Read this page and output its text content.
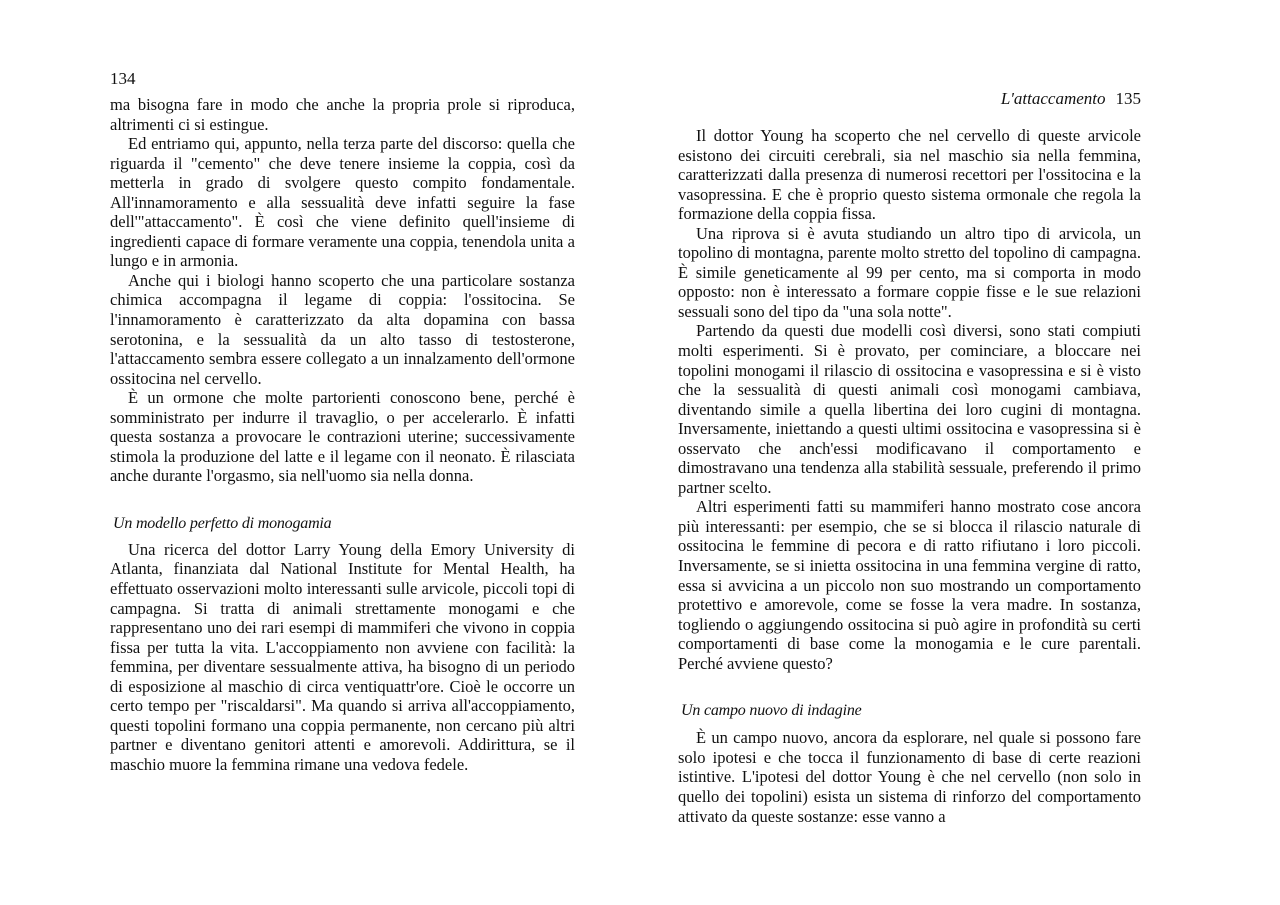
134

ma bisogna fare in modo che anche la propria prole si riproduca, altrimenti ci si estingue.

Ed entriamo qui, appunto, nella terza parte del discorso: quella che riguarda il "cemento" che deve tenere insieme la coppia, così da metterla in grado di svolgere questo compito fondamentale. All'innamoramento e alla sessualità deve infatti seguire la fase dell'"attaccamento". È così che viene definito quell'insieme di ingredienti capace di formare veramente una coppia, tenendola unita a lungo e in armonia.

Anche qui i biologi hanno scoperto che una particolare sostanza chimica accompagna il legame di coppia: l'ossitocina. Se l'innamoramento è caratterizzato da alta dopamina con bassa serotonina, e la sessualità da un alto tasso di testosterone, l'attaccamento sembra essere collegato a un innalzamento dell'ormone ossitocina nel cervello.

È un ormone che molte partorienti conoscono bene, perché è somministrato per indurre il travaglio, o per accelerarlo. È infatti questa sostanza a provocare le contrazioni uterine; successivamente stimola la produzione del latte e il legame con il neonato. È rilasciata anche durante l'orgasmo, sia nell'uomo sia nella donna.

Un modello perfetto di monogamia

Una ricerca del dottor Larry Young della Emory University di Atlanta, finanziata dal National Institute for Mental Health, ha effettuato osservazioni molto interessanti sulle arvicole, piccoli topi di campagna. Si tratta di animali strettamente monogami e che rappresentano uno dei rari esempi di mammiferi che vivono in coppia fissa per tutta la vita. L'accoppiamento non avviene con facilità: la femmina, per diventare sessualmente attiva, ha bisogno di un periodo di esposizione al maschio di circa ventiquattr'ore. Cioè le occorre un certo tempo per "riscaldarsi". Ma quando si arriva all'accoppiamento, questi topolini formano una coppia permanente, non cercano più altri partner e diventano genitori attenti e amorevoli. Addirittura, se il maschio muore la femmina rimane una vedova fedele.

L'attaccamento 135

Il dottor Young ha scoperto che nel cervello di queste arvicole esistono dei circuiti cerebrali, sia nel maschio sia nella femmina, caratterizzati dalla presenza di numerosi recettori per l'ossitocina e la vasopressina. E che è proprio questo sistema ormonale che regola la formazione della coppia fissa.

Una riprova si è avuta studiando un altro tipo di arvicola, un topolino di montagna, parente molto stretto del topolino di campagna. È simile geneticamente al 99 per cento, ma si comporta in modo opposto: non è interessato a formare coppie fisse e le sue relazioni sessuali sono del tipo da "una sola notte".

Partendo da questi due modelli così diversi, sono stati compiuti molti esperimenti. Si è provato, per cominciare, a bloccare nei topolini monogami il rilascio di ossitocina e vasopressina e si è visto che la sessualità di questi animali così monogami cambiava, diventando simile a quella libertina dei loro cugini di montagna. Inversamente, iniettando a questi ultimi ossitocina e vasopressina si è osservato che anch'essi modificavano il comportamento e dimostravano una tendenza alla stabilità sessuale, preferendo il primo partner scelto.

Altri esperimenti fatti su mammiferi hanno mostrato cose ancora più interessanti: per esempio, che se si blocca il rilascio naturale di ossitocina le femmine di pecora e di ratto rifiutano i loro piccoli. Inversamente, se si inietta ossitocina in una femmina vergine di ratto, essa si avvicina a un piccolo non suo mostrando un comportamento protettivo e amorevole, come se fosse la vera madre. In sostanza, togliendo o aggiungendo ossitocina si può agire in profondità su certi comportamenti di base come la monogamia e le cure parentali. Perché avviene questo?

Un campo nuovo di indagine

È un campo nuovo, ancora da esplorare, nel quale si possono fare solo ipotesi e che tocca il funzionamento di base di certe reazioni istintive. L'ipotesi del dottor Young è che nel cervello (non solo in quello dei topolini) esista un sistema di rinforzo del comportamento attivato da queste sostanze: esse vanno a
